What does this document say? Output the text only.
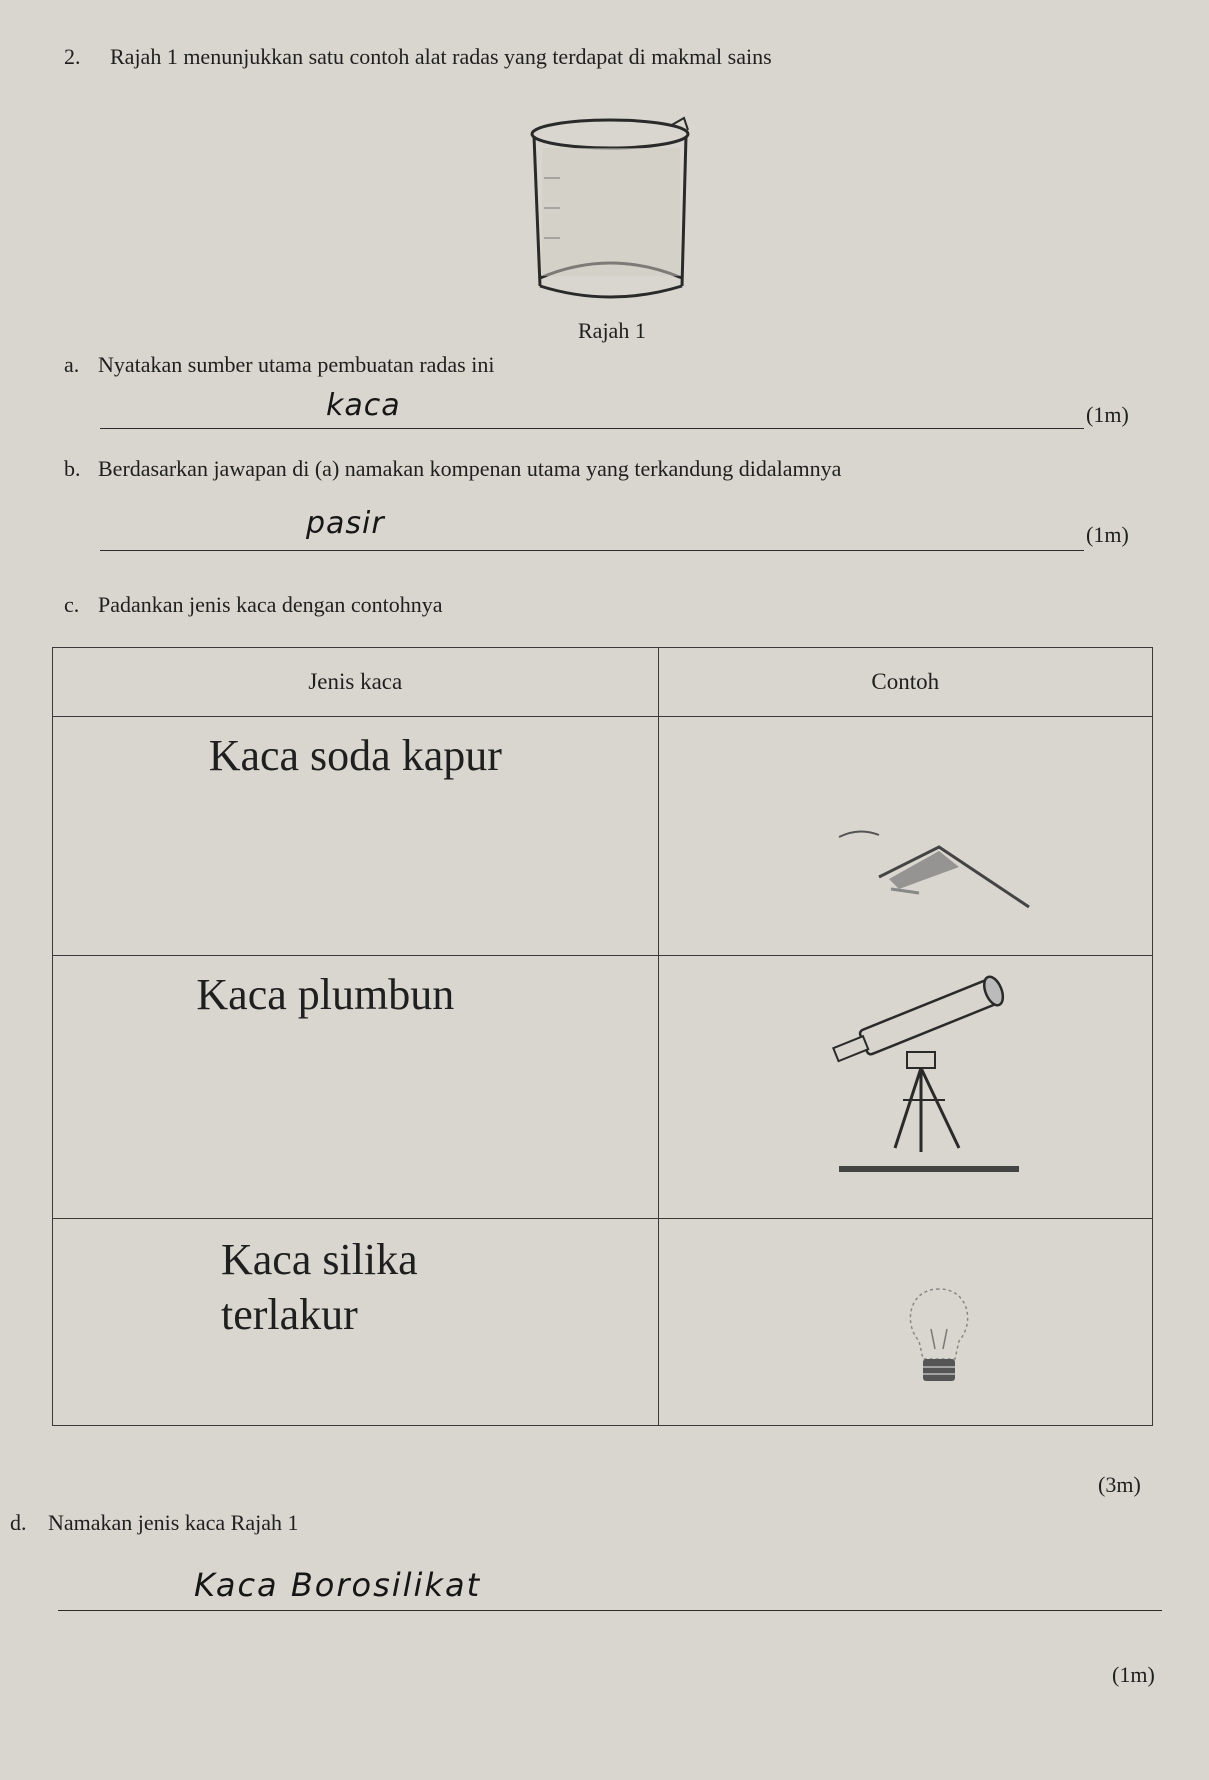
2. Rajah 1 menunjukkan satu contoh alat radas yang terdapat di makmal sains
Rajah 1
a. Nyatakan sumber utama pembuatan radas ini
kaca	(1m)
b. Berdasarkan jawapan di (a) namakan kompenan utama yang terkandung didalamnya
pasir	(1m)
c. Padankan jenis kaca dengan contohnya
Jenis kaca	Contoh

Kaca soda kapur

Kaca plumbun

Kaca silika
terlakur

(3m)
d. Namakan jenis kaca Rajah 1
Kaca Borosilikat
(1m)
